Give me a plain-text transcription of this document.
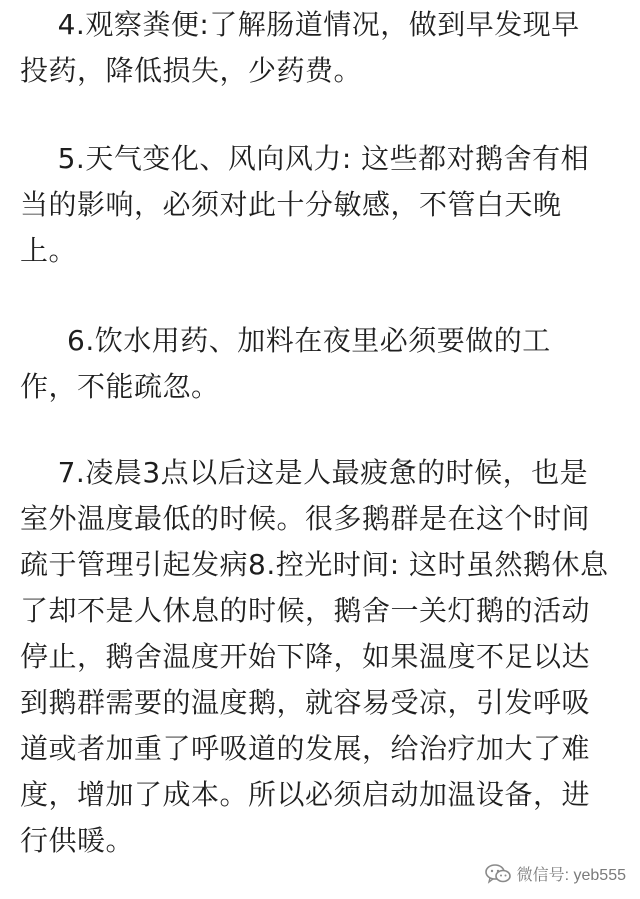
4.观察粪便:了解肠道情况，做到早发现早
投药，降低损失，少药费。
5.天气变化、风向风力: 这些都对鹅舍有相
当的影响，必须对此十分敏感，不管白天晚
上。
6.饮水用药、加料在夜里必须要做的工
作，不能疏忽。
7.凌晨3点以后这是人最疲惫的时候，也是
室外温度最低的时候。很多鹅群是在这个时间
疏于管理引起发病8.控光时间: 这时虽然鹅休息
了却不是人休息的时候，鹅舍一关灯鹅的活动
停止，鹅舍温度开始下降，如果温度不足以达
到鹅群需要的温度鹅，就容易受凉，引发呼吸
道或者加重了呼吸道的发展，给治疗加大了难
度，增加了成本。所以必须启动加温设备，进
行供暖。
微信号: yeb555
